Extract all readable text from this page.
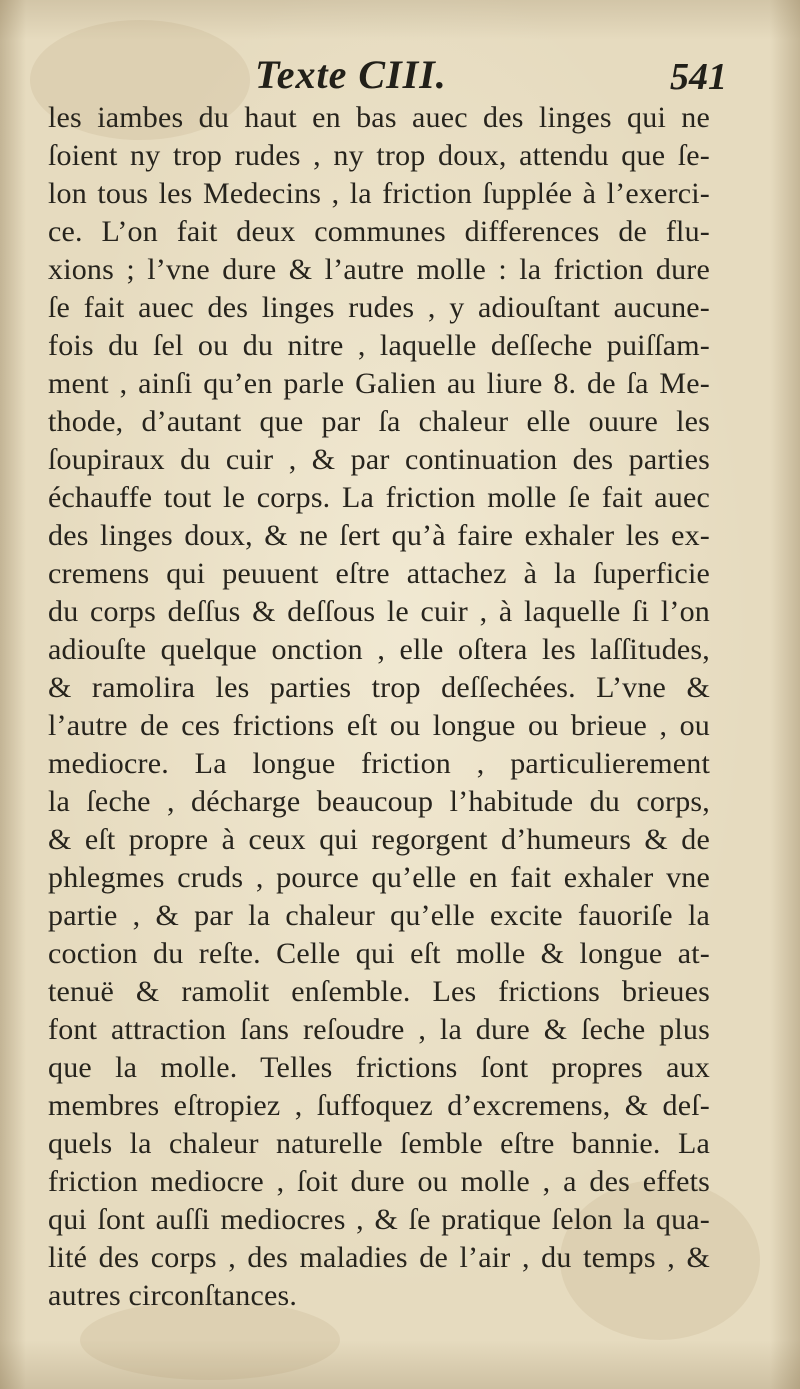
Texte CIII.	541
les iambes du haut en bas auec des linges qui ne
ſoient ny trop rudes , ny trop doux, attendu que ſe-
lon tous les Medecins , la friction ſupplée à l’exerci-
ce. L’on fait deux communes differences de flu-
xions ; l’vne dure & l’autre molle : la friction dure
ſe fait auec des linges rudes , y adiouſtant aucune-
fois du ſel ou du nitre , laquelle deſſeche puiſſam-
ment , ainſi qu’en parle Galien au liure 8. de ſa Me-
thode, d’autant que par ſa chaleur elle ouure les
ſoupiraux du cuir , & par continuation des parties
échauffe tout le corps. La friction molle ſe fait auec
des linges doux, & ne ſert qu’à faire exhaler les ex-
cremens qui peuuent eſtre attachez à la ſuperficie
du corps deſſus & deſſous le cuir , à laquelle ſi l’on
adiouſte quelque onction , elle oſtera les laſſitudes,
& ramolira les parties trop deſſechées. L’vne &
l’autre de ces frictions eſt ou longue ou brieue , ou
mediocre. La longue friction , particulierement
la ſeche , décharge beaucoup l’habitude du corps,
& eſt propre à ceux qui regorgent d’humeurs & de
phlegmes cruds , pource qu’elle en fait exhaler vne
partie , & par la chaleur qu’elle excite fauoriſe la
coction du reſte. Celle qui eſt molle & longue at-
tenuë & ramolit enſemble. Les frictions brieues
font attraction ſans reſoudre , la dure & ſeche plus
que la molle. Telles frictions ſont propres aux
membres eſtropiez , ſuffoquez d’excremens, & deſ-
quels la chaleur naturelle ſemble eſtre bannie. La
friction mediocre , ſoit dure ou molle , a des effets
qui ſont auſſi mediocres , & ſe pratique ſelon la qua-
lité des corps , des maladies de l’air , du temps , &
autres circonſtances.
